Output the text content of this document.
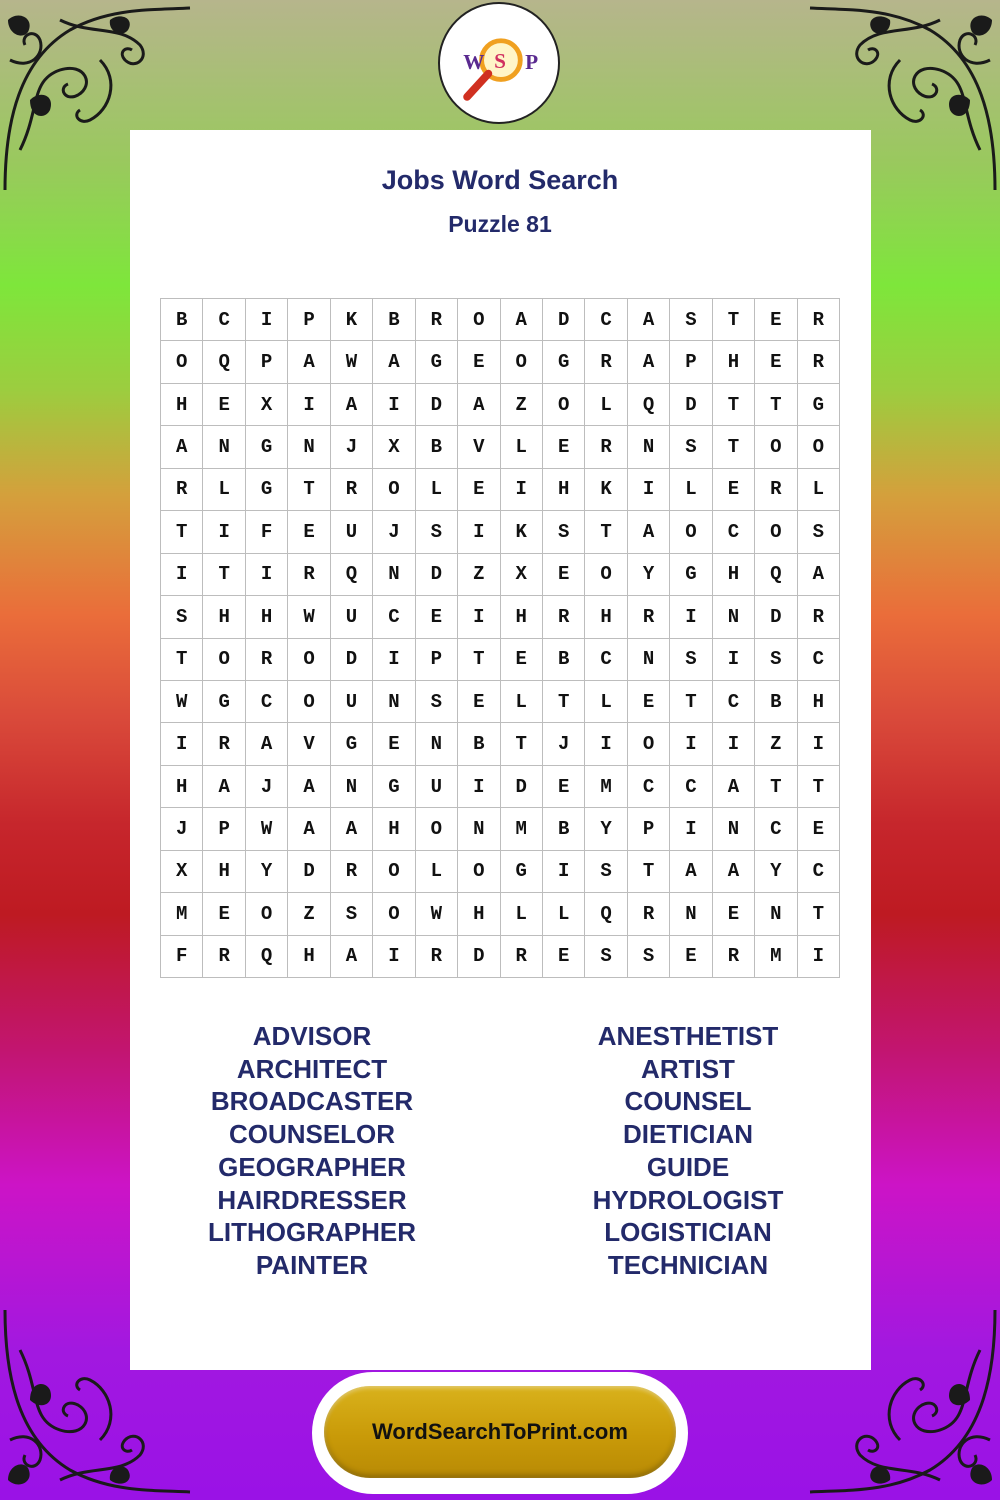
W S P
Jobs Word Search
Puzzle 81
B	C	I	P	K	B	R	O	A	D	C	A	S	T	E	R
O	Q	P	A	W	A	G	E	O	G	R	A	P	H	E	R
H	E	X	I	A	I	D	A	Z	O	L	Q	D	T	T	G
A	N	G	N	J	X	B	V	L	E	R	N	S	T	O	O
R	L	G	T	R	O	L	E	I	H	K	I	L	E	R	L
T	I	F	E	U	J	S	I	K	S	T	A	O	C	O	S
I	T	I	R	Q	N	D	Z	X	E	O	Y	G	H	Q	A
S	H	H	W	U	C	E	I	H	R	H	R	I	N	D	R
T	O	R	O	D	I	P	T	E	B	C	N	S	I	S	C
W	G	C	O	U	N	S	E	L	T	L	E	T	C	B	H
I	R	A	V	G	E	N	B	T	J	I	O	I	I	Z	I
H	A	J	A	N	G	U	I	D	E	M	C	C	A	T	T
J	P	W	A	A	H	O	N	M	B	Y	P	I	N	C	E
X	H	Y	D	R	O	L	O	G	I	S	T	A	A	Y	C
M	E	O	Z	S	O	W	H	L	L	Q	R	N	E	N	T
F	R	Q	H	A	I	R	D	R	E	S	S	E	R	M	I
ADVISOR
ARCHITECT
BROADCASTER
COUNSELOR
GEOGRAPHER
HAIRDRESSER
LITHOGRAPHER
PAINTER
ANESTHETIST
ARTIST
COUNSEL
DIETICIAN
GUIDE
HYDROLOGIST
LOGISTICIAN
TECHNICIAN
WordSearchToPrint.com
